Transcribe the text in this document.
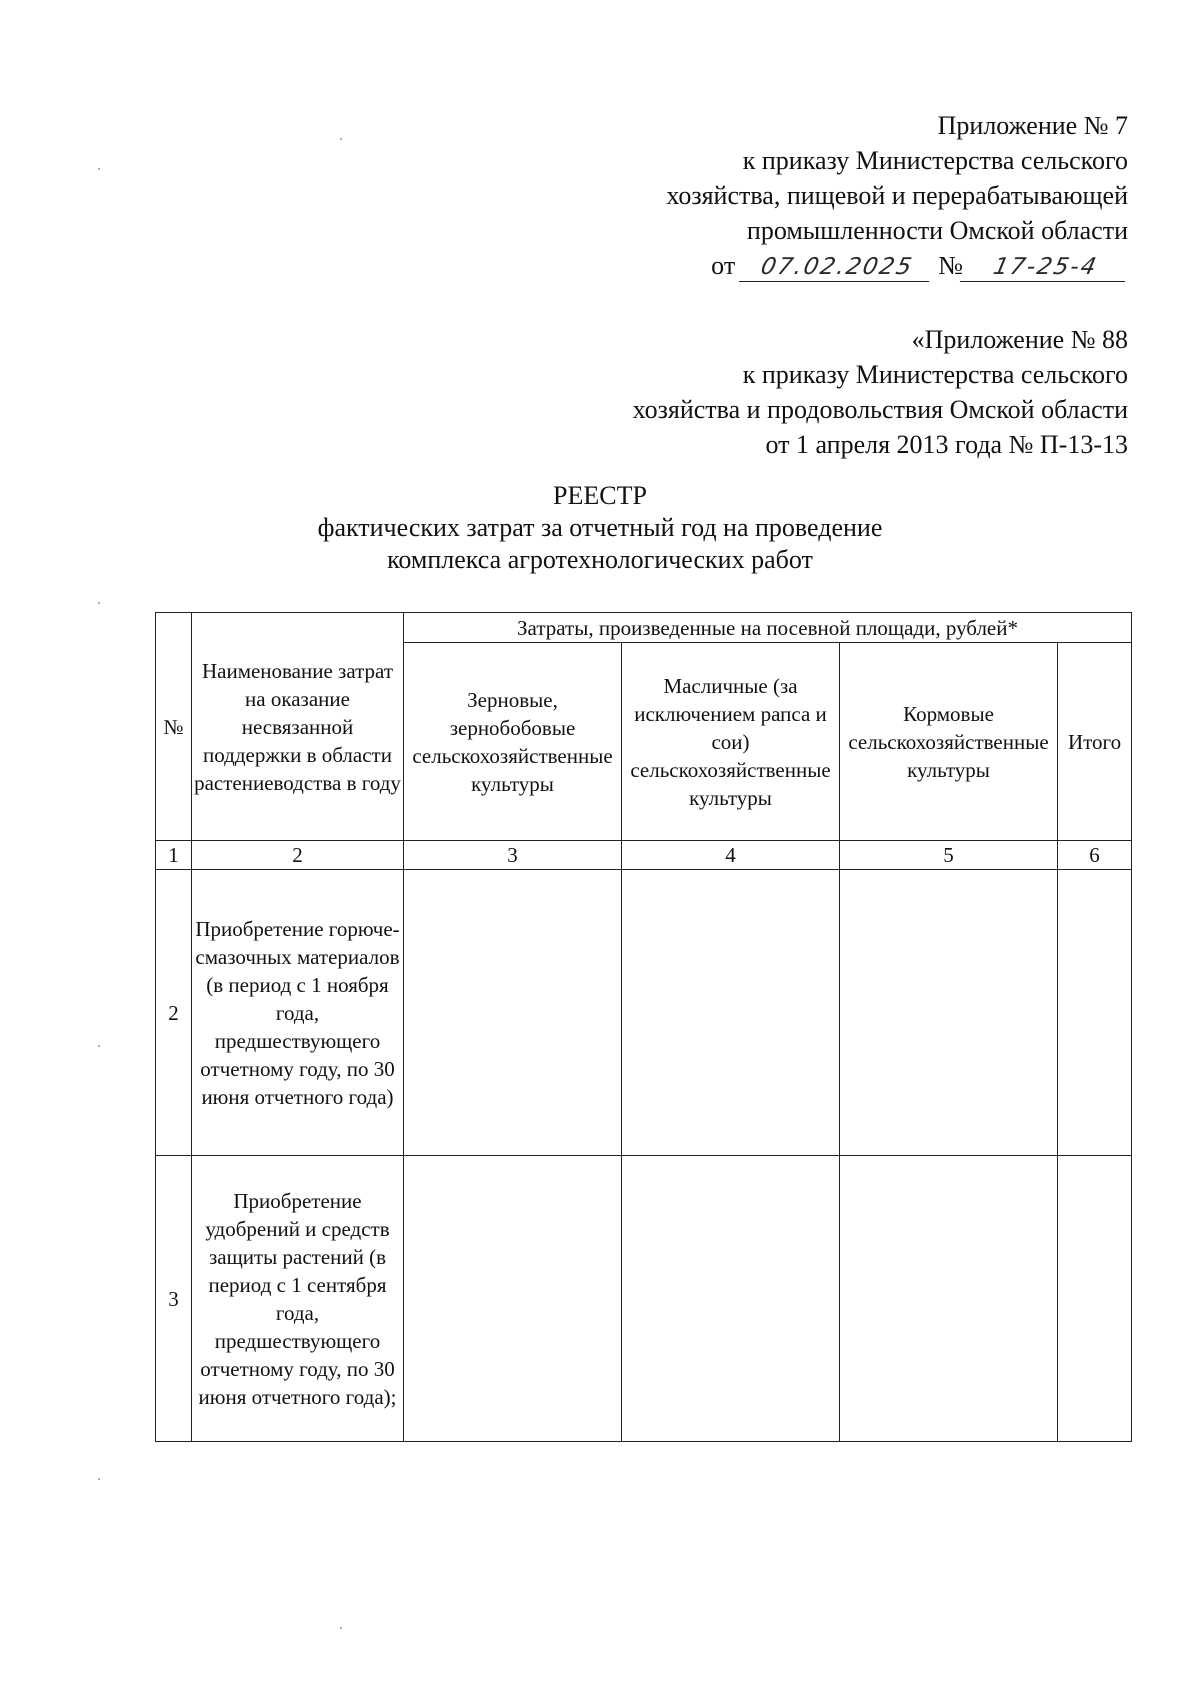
Приложение № 7
к приказу Министерства сельского
хозяйства, пищевой и перерабатывающей
промышленности Омской области
от 07.02.2025 № 17-25-4
«Приложение № 88
к приказу Министерства сельского
хозяйства и продовольствия Омской области
от 1 апреля 2013 года № П-13-13
РЕЕСТР
фактических затрат за отчетный год на проведение
комплекса агротехнологических работ
№	Наименование затрат на оказание несвязанной поддержки в области растениеводства в году	Затраты, произведенные на посевной площади, рублей*			
		Зерновые, зернобобовые сельскохозяйственные культуры	Масличные (за исключением рапса и сои) сельскохозяйственные культуры	Кормовые сельскохозяйственные культуры	Итого
1	2	3	4	5	6
2	Приобретение горюче-смазочных материалов (в период с 1 ноября года, предшествующего отчетному году, по 30 июня отчетного года)				
3	Приобретение удобрений и средств защиты растений (в период с 1 сентября года, предшествующего отчетному году, по 30 июня отчетного года);				
